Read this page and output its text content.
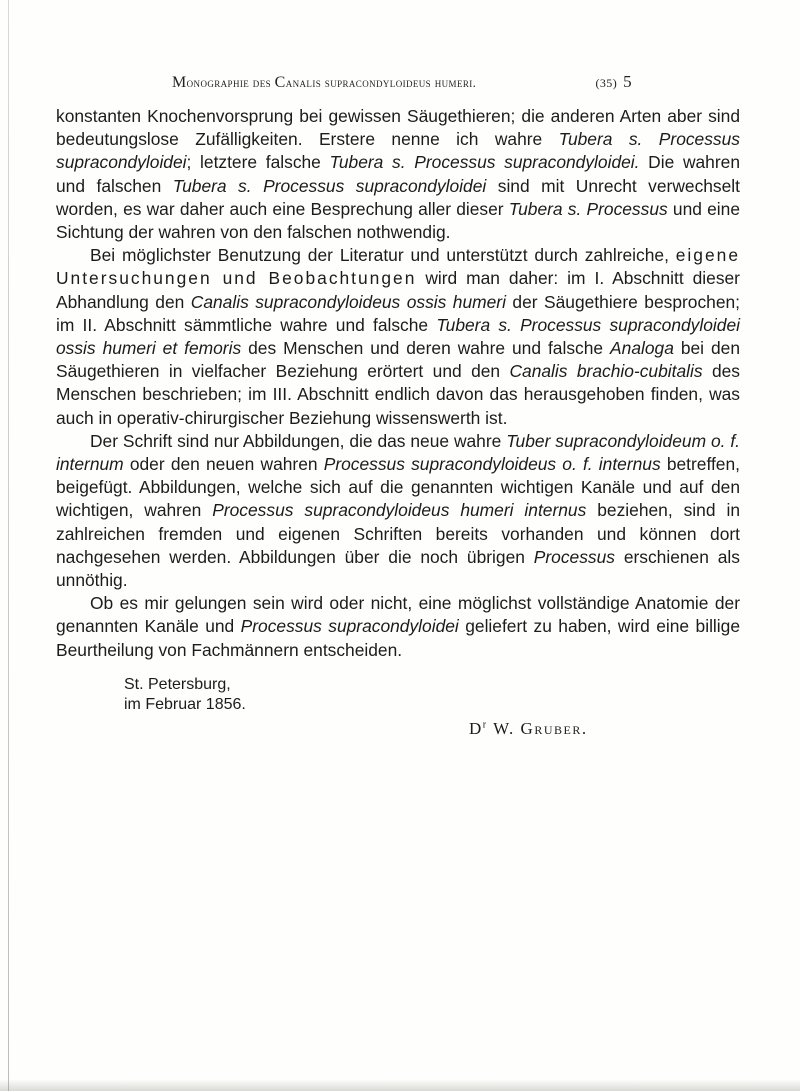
Monographie des Canalis supracondyloideus humeri.	(35) 5

konstanten Knochenvorsprung bei gewissen Säugethieren; die anderen Arten aber sind bedeutungslose Zufälligkeiten. Erstere nenne ich wahre Tubera s. Processus supracondyloidei; letztere falsche Tubera s. Processus supracondyloidei. Die wahren und falschen Tubera s. Processus supracondyloidei sind mit Unrecht verwechselt worden, es war daher auch eine Besprechung aller dieser Tubera s. Processus und eine Sichtung der wahren von den falschen nothwendig.

Bei möglichster Benutzung der Literatur und unterstützt durch zahlreiche, eigene Untersuchungen und Beobachtungen wird man daher: im I. Abschnitt dieser Abhandlung den Canalis supracondyloideus ossis humeri der Säugethiere besprochen; im II. Abschnitt sämmtliche wahre und falsche Tubera s. Processus supracondyloidei ossis humeri et femoris des Menschen und deren wahre und falsche Analoga bei den Säugethieren in vielfacher Beziehung erörtert und den Canalis brachio-cubitalis des Menschen beschrieben; im III. Abschnitt endlich davon das herausgehoben finden, was auch in operativ-chirurgischer Beziehung wissenswerth ist.

Der Schrift sind nur Abbildungen, die das neue wahre Tuber supracondyloideum o. f. internum oder den neuen wahren Processus supracondyloideus o. f. internus betreffen, beigefügt. Abbildungen, welche sich auf die genannten wichtigen Kanäle und auf den wichtigen, wahren Processus supracondyloideus humeri internus beziehen, sind in zahlreichen fremden und eigenen Schriften bereits vorhanden und können dort nachgesehen werden. Abbildungen über die noch übrigen Processus erschienen als unnöthig.

Ob es mir gelungen sein wird oder nicht, eine möglichst vollständige Anatomie der genannten Kanäle und Processus supracondyloidei geliefert zu haben, wird eine billige Beurtheilung von Fachmännern entscheiden.

St. Petersburg,
im Februar 1856.
$D^r$ W. Gruber.
